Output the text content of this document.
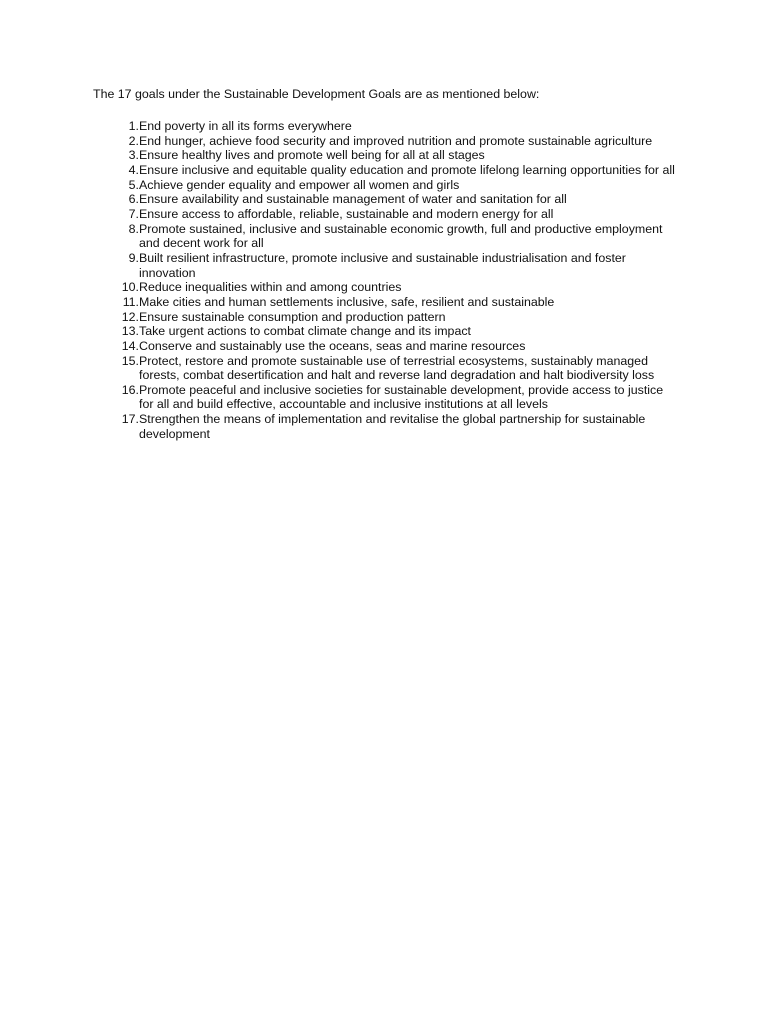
The 17 goals under the Sustainable Development Goals are as mentioned below:
1. End poverty in all its forms everywhere
2. End hunger, achieve food security and improved nutrition and promote sustainable agriculture
3. Ensure healthy lives and promote well being for all at all stages
4. Ensure inclusive and equitable quality education and promote lifelong learning opportunities for all
5. Achieve gender equality and empower all women and girls
6. Ensure availability and sustainable management of water and sanitation for all
7. Ensure access to affordable, reliable, sustainable and modern energy for all
8. Promote sustained, inclusive and sustainable economic growth, full and productive employment and decent work for all
9. Built resilient infrastructure, promote inclusive and sustainable industrialisation and foster innovation
10. Reduce inequalities within and among countries
11. Make cities and human settlements inclusive, safe, resilient and sustainable
12. Ensure sustainable consumption and production pattern
13. Take urgent actions to combat climate change and its impact
14. Conserve and sustainably use the oceans, seas and marine resources
15. Protect, restore and promote sustainable use of terrestrial ecosystems, sustainably managed forests, combat desertification and halt and reverse land degradation and halt biodiversity loss
16. Promote peaceful and inclusive societies for sustainable development, provide access to justice for all and build effective, accountable and inclusive institutions at all levels
17. Strengthen the means of implementation and revitalise the global partnership for sustainable development
